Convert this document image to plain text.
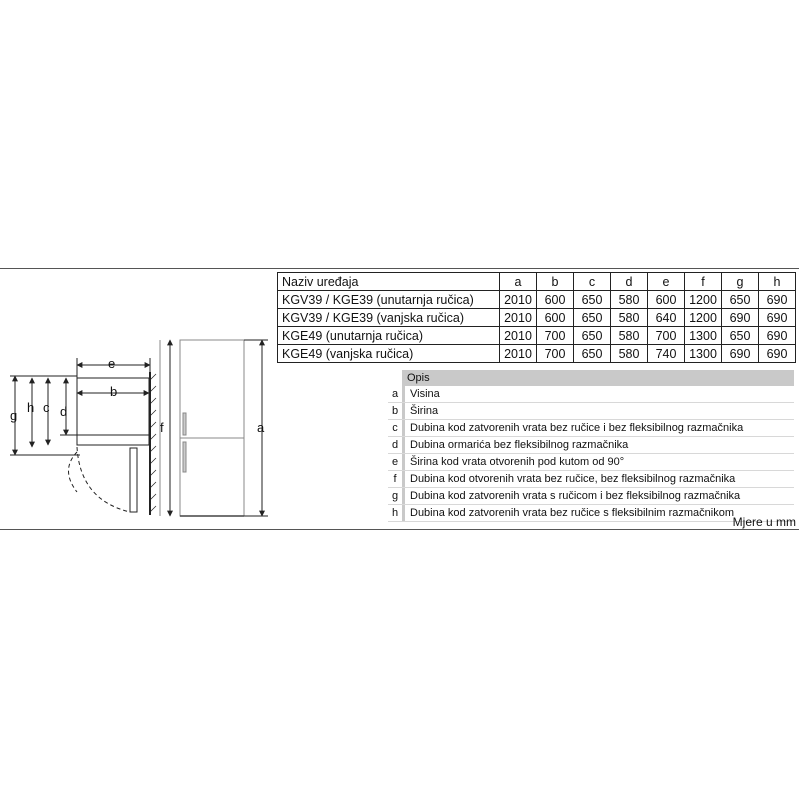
e
b
g
h c d
f	a
Naziv uređaja	a	b	c	d	e	f	g	h
KGV39 / KGE39 (unutarnja ručica)	2010	600	650	580	600	1200	650	690
KGV39 / KGE39 (vanjska ručica)	2010	600	650	580	640	1200	690	690
KGE49 (unutarnja ručica)	2010	700	650	580	700	1300	650	690
KGE49 (vanjska ručica)	2010	700	650	580	740	1300	690	690
Opis
a	Visina
b	Širina
c	Dubina kod zatvorenih vrata bez ručice i bez fleksibilnog razmačnika
d	Dubina ormarića bez fleksibilnog razmačnika
e	Širina kod vrata otvorenih pod kutom od 90°
f	Dubina kod otvorenih vrata bez ručice, bez fleksibilnog razmačnika
g	Dubina kod zatvorenih vrata s ručicom i bez fleksibilnog razmačnika
h	Dubina kod zatvorenih vrata bez ručice s fleksibilnim razmačnikom
Mjere u mm
